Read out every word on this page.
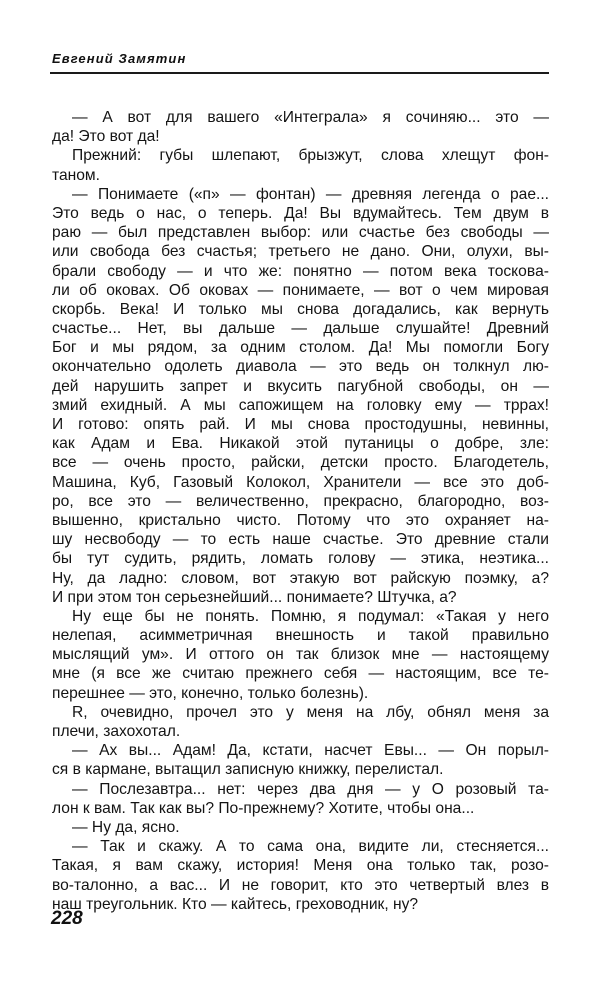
Евгений Замятин
— А вот для вашего «Интеграла» я сочиняю... это —
да! Это вот да!
Прежний: губы шлепают, брызжут, слова хлещут фон-
таном.
— Понимаете («п» — фонтан) — древняя легенда о рае...
Это ведь о нас, о теперь. Да! Вы вдумайтесь. Тем двум в
раю — был представлен выбор: или счастье без свободы —
или свобода без счастья; третьего не дано. Они, олухи, вы-
брали свободу — и что же: понятно — потом века тосковa-
ли об оковах. Об оковах — понимаете, — вот о чем мировая
скорбь. Века! И только мы снова догадались, как вернуть
счастье... Нет, вы дальше — дальше слушайте! Древний
Бог и мы рядом, за одним столом. Да! Мы помогли Богу
окончательно одолеть диавола — это ведь он толкнул лю-
дей нарушить запрет и вкусить пагубной свободы, он —
змий ехидный. А мы сапожищем на головку ему — тррах!
И готово: опять рай. И мы снова простодушны, невинны,
как Адам и Ева. Никакой этой путаницы о добре, зле:
все — очень просто, райски, детски просто. Благодетель,
Машина, Куб, Газовый Колокол, Хранители — все это доб-
ро, все это — величественно, прекрасно, благородно, воз-
вышенно, кристально чисто. Потому что это охраняет на-
шу несвободу — то есть наше счастье. Это древние стали
бы тут судить, рядить, ломать голову — этика, неэтика...
Ну, да ладно: словом, вот этакую вот райскую поэмку, а?
И при этом тон серьезнейший... понимаете? Штучка, а?
Ну еще бы не понять. Помню, я подумал: «Такая у него
нелепая, асимметричная внешность и такой правильно
мыслящий ум». И оттого он так близок мне — настоящему
мне (я все же считаю прежнего себя — настоящим, все те-
перешнее — это, конечно, только болезнь).
R, очевидно, прочел это у меня на лбу, обнял меня за
плечи, захохотал.
— Ах вы... Адам! Да, кстати, насчет Евы... — Он порыл-
ся в кармане, вытащил записную книжку, перелистал.
— Послезавтра... нет: через два дня — у О розовый та-
лон к вам. Так как вы? По-прежнему? Хотите, чтобы она...
— Ну да, ясно.
— Так и скажу. А то сама она, видите ли, стесняется...
Такая, я вам скажу, история! Меня она только так, розо-
во-талонно, а вас... И не говорит, кто это четвертый влез в
наш треугольник. Кто — кайтесь, греховодник, ну?
228
